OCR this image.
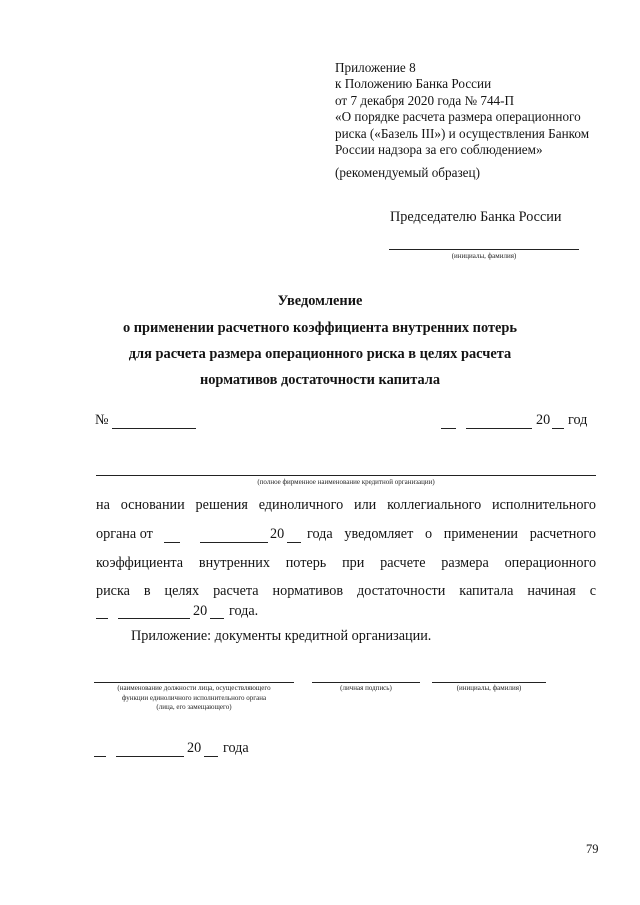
Приложение 8
к Положению Банка России
от 7 декабря 2020 года № 744-П
«О порядке расчета размера операционного
риска («Базель III») и осуществления Банком
России надзора за его соблюдением»
(рекомендуемый образец)
Председателю Банка России
(инициалы, фамилия)
Уведомление
о применении расчетного коэффициента внутренних потерь
для расчета размера операционного риска в целях расчета
нормативов достаточности капитала
№	20 год
(полное фирменное наименование кредитной организации)
на основании решения единоличного или коллегиального исполнительного
органа от	20 года уведомляет о применении расчетного
коэффициента внутренних потерь при расчете размера операционного
риска в целях расчета нормативов достаточности капитала начиная с
20 года.
Приложение: документы кредитной организации.
(наименование должности лица, осуществляющего
функции единоличного исполнительного органа
(лица, его замещающего)
(личная подпись)	(инициалы, фамилия)
20 года
79
